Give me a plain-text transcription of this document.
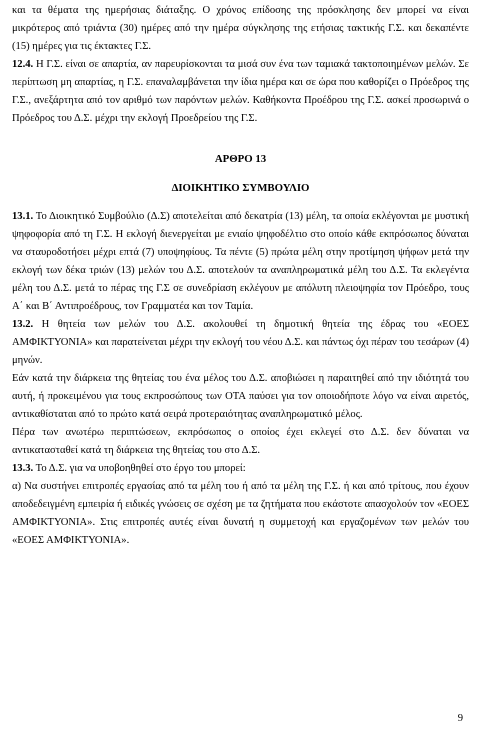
και τα θέματα της ημερήσιας διάταξης. Ο χρόνος επίδοσης της πρόσκλησης δεν μπορεί να είναι μικρότερος από τριάντα (30) ημέρες από την ημέρα σύγκλησης της ετήσιας τακτικής Γ.Σ. και δεκαπέντε (15) ημέρες για τις έκτακτες Γ.Σ.

12.4. Η Γ.Σ. είναι σε απαρτία, αν παρευρίσκονται τα μισά συν ένα των ταμιακά τακτοποιημένων μελών. Σε περίπτωση μη απαρτίας, η Γ.Σ. επαναλαμβάνεται την ίδια ημέρα και σε ώρα που καθορίζει ο Πρόεδρος της Γ.Σ., ανεξάρτητα από τον αριθμό των παρόντων μελών. Καθήκοντα Προέδρου της Γ.Σ. ασκεί προσωρινά ο Πρόεδρος του Δ.Σ. μέχρι την εκλογή Προεδρείου της Γ.Σ.

ΑΡΘΡΟ 13

ΔΙΟΙΚΗΤΙΚΟ ΣΥΜΒΟΥΛΙΟ

13.1. Το Διοικητικό Συμβούλιο (Δ.Σ) αποτελείται από δεκατρία (13) μέλη, τα οποία εκλέγονται με μυστική ψηφοφορία από τη Γ.Σ. Η εκλογή διενεργείται με ενιαίο ψηφοδέλτιο στο οποίο κάθε εκπρόσωπος δύναται να σταυροδοτήσει μέχρι επτά (7) υποψηφίους. Τα πέντε (5) πρώτα μέλη στην προτίμηση ψήφων μετά την εκλογή των δέκα τριών (13) μελών του Δ.Σ. αποτελούν τα αναπληρωματικά μέλη του Δ.Σ. Τα εκλεγέντα μέλη του Δ.Σ. μετά το πέρας της Γ.Σ σε συνεδρίαση εκλέγουν με απόλυτη πλειοψηφία τον Πρόεδρο, τους Α΄ και Β΄ Αντιπροέδρους, τον Γραμματέα και τον Ταμία.

13.2. Η θητεία των μελών του Δ.Σ. ακολουθεί τη δημοτική θητεία της έδρας του «ΕΟΕΣ ΑΜΦΙΚΤΥΟΝΙΑ» και παρατείνεται μέχρι την εκλογή του νέου Δ.Σ. και πάντως όχι πέραν του τεσάρων (4) μηνών.

Εάν κατά την διάρκεια της θητείας του ένα μέλος του Δ.Σ. αποβιώσει η παραιτηθεί από την ιδιότητά του αυτή, ή προκειμένου για τους εκπροσώπους των ΟΤΑ παύσει για τον οποιοδήποτε λόγο να είναι αιρετός, αντικαθίσταται από το πρώτο κατά σειρά προτεραιότητας αναπληρωματικό μέλος.

Πέρα των ανωτέρω περιπτώσεων, εκπρόσωπος ο οποίος έχει εκλεγεί στο Δ.Σ. δεν δύναται να αντικατασταθεί κατά τη διάρκεια της θητείας του στο Δ.Σ.

13.3. Το Δ.Σ. για να υποβοηθηθεί στο έργο του μπορεί:

α) Να συστήνει επιτροπές εργασίας από τα μέλη του ή από τα μέλη της Γ.Σ. ή και από τρίτους, που έχουν αποδεδειγμένη εμπειρία ή ειδικές γνώσεις σε σχέση με τα ζητήματα που εκάστοτε απασχολούν τον «ΕΟΕΣ ΑΜΦΙΚΤΥΟΝΙΑ». Στις επιτροπές αυτές είναι δυνατή η συμμετοχή και εργαζομένων των μελών του «ΕΟΕΣ ΑΜΦΙΚΤΥΟΝΙΑ».

9
